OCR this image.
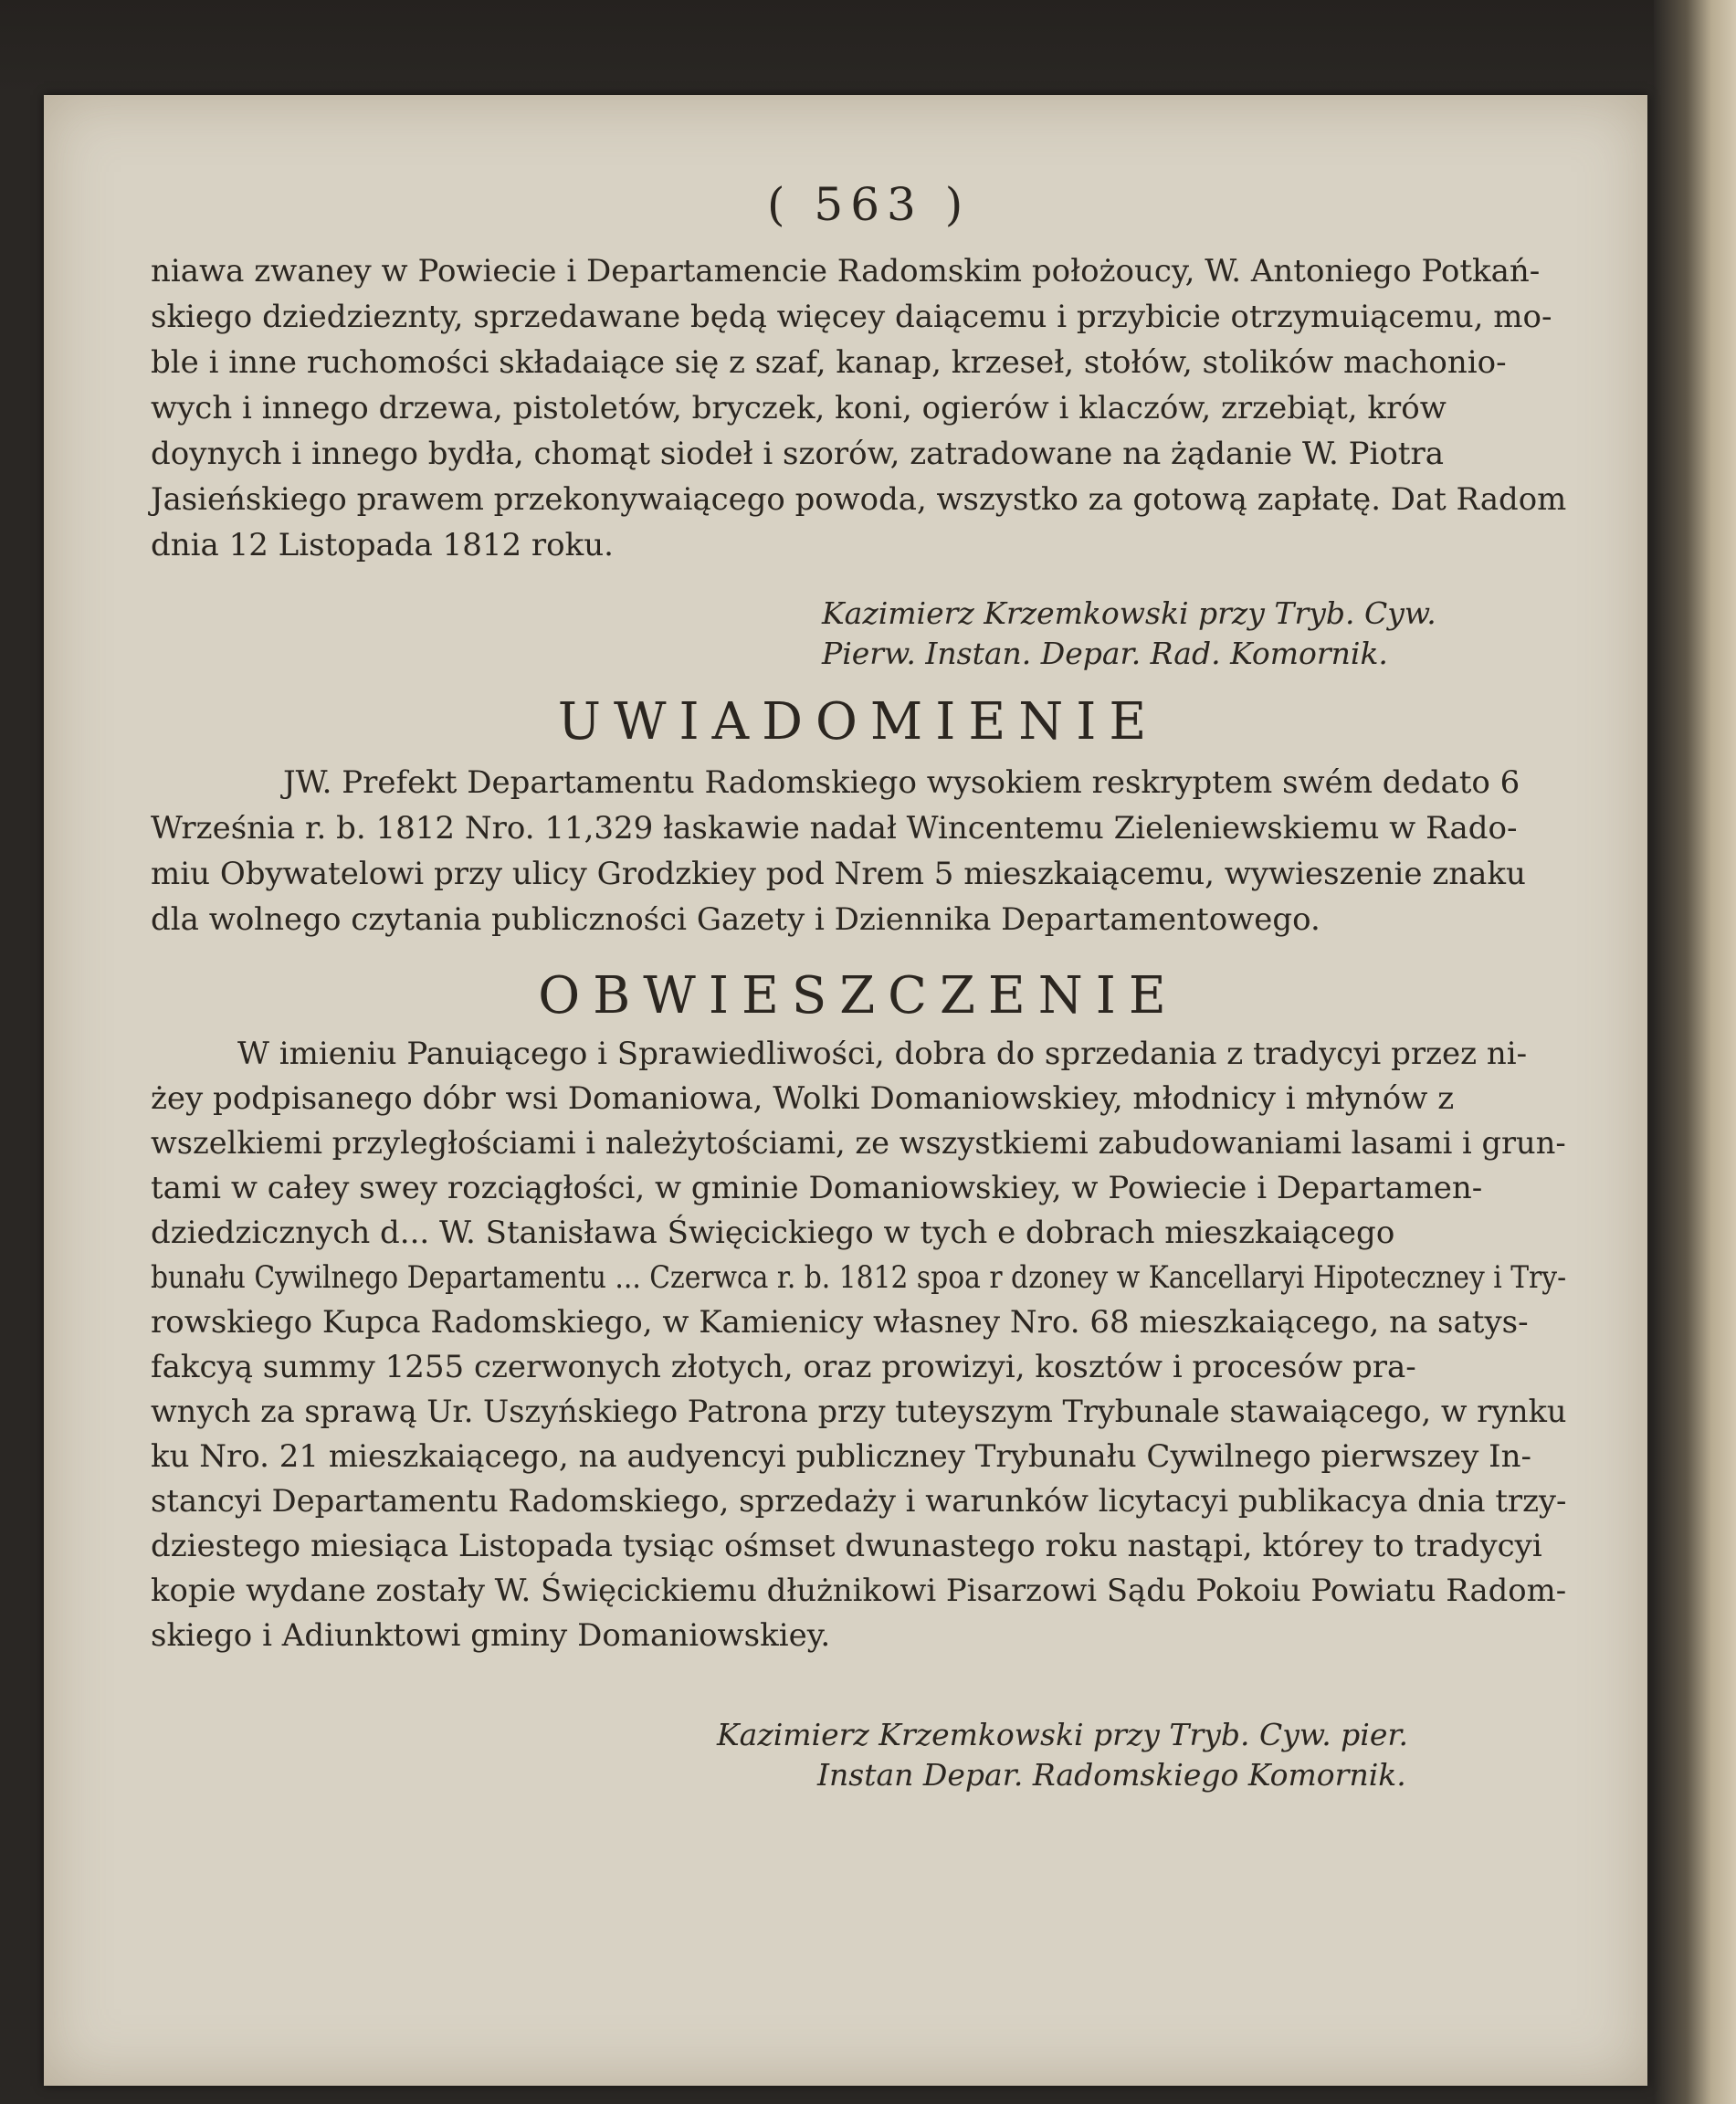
( 563 )
niawa zwaney w Powiecie i Departamencie Radomskim położoucy, W. Antoniego Potkań-
skiego dziedzieznty, sprzedawane będą więcey daiącemu i przybicie otrzymuiącemu, mo-
ble i inne ruchomości składaiące się z szaf, kanap, krzeseł, stołów, stolików machonio-
wych i innego drzewa, pistoletów, bryczek, koni, ogierów i klaczów, zrzebiąt, krów
doynych i innego bydła, chomąt siodeł i szorów, zatradowane na żądanie W. Piotra
Jasieńskiego prawem przekonywaiącego powoda, wszystko za gotową zapłatę. Dat Radom
dnia 12 Listopada 1812 roku.
Kazimierz Krzemkowski przy Tryb. Cyw.
Pierw. Instan. Depar. Rad. Komornik.
UWIADOMIENIE
JW. Prefekt Departamentu Radomskiego wysokiem reskryptem swém dedato 6
Września r. b. 1812 Nro. 11,329 łaskawie nadał Wincentemu Zieleniewskiemu w Rado-
miu Obywatelowi przy ulicy Grodzkiey pod Nrem 5 mieszkaiącemu, wywieszenie znaku
dla wolnego czytania publiczności Gazety i Dziennika Departamentowego.
OBWIESZCZENIE
W imieniu Panuiącego i Sprawiedliwości, dobra do sprzedania z tradycyi przez ni-
żey podpisanego dóbr wsi Domaniowa, Wolki Domaniowskiey, młodnicy i młynów z
wszelkiemi przyległościami i należytościami, ze wszystkiemi zabudowaniami lasami i grun-
tami w całey swey rozciągłości, w gminie Domaniowskiey, w Powiecie i Departamen-
dziedzicznych d... W. Stanisława Święcickiego w tych e dobrach mieszkaiącego
bunału Cywilnego Departamentu ... Czerwca r. b. 1812 spoa r dzoney w Kancellaryi Hipoteczney i Try-
rowskiego Kupca Radomskiego, w Kamienicy własney Nro. 68 mieszkaiącego, na satys-
fakcyą summy 1255 czerwonych złotych, oraz prowizyi, kosztów i procesów pra-
wnych za sprawą Ur. Uszyńskiego Patrona przy tuteyszym Trybunale stawaiącego, w rynku
ku Nro. 21 mieszkaiącego, na audyencyi publiczney Trybunału Cywilnego pierwszey In-
stancyi Departamentu Radomskiego, sprzedaży i warunków licytacyi publikacya dnia trzy-
dziestego miesiąca Listopada tysiąc ośmset dwunastego roku nastąpi, którey to tradycyi
kopie wydane zostały W. Święcickiemu dłużnikowi Pisarzowi Sądu Pokoiu Powiatu Radom-
skiego i Adiunktowi gminy Domaniowskiey.
Kazimierz Krzemkowski przy Tryb. Cyw. pier.
Instan Depar. Radomskiego Komornik.
